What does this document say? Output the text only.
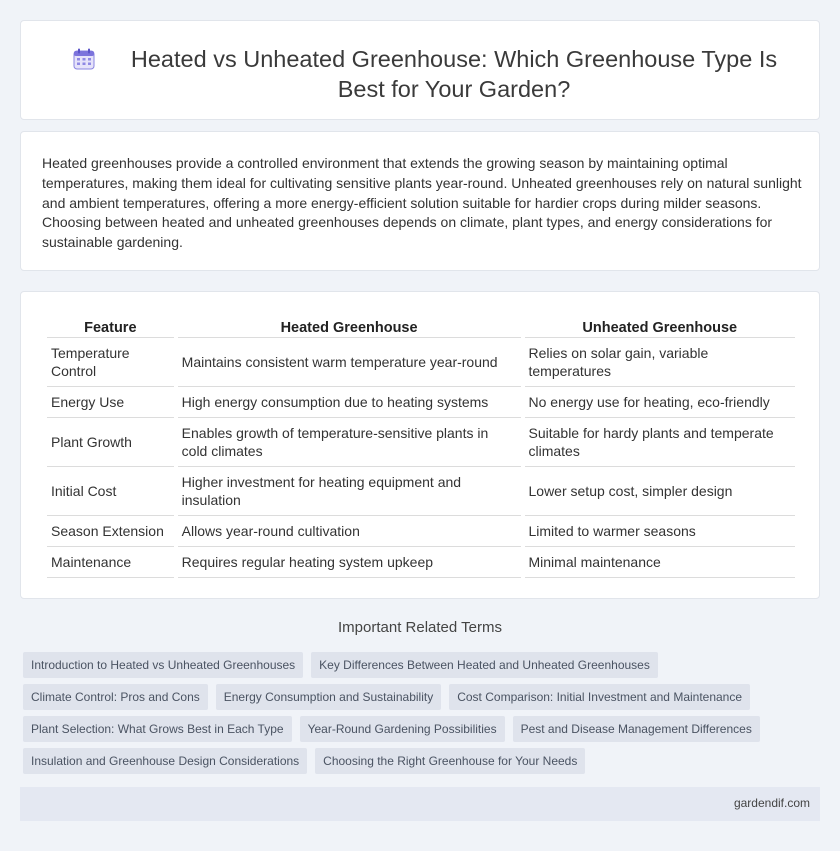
Heated vs Unheated Greenhouse: Which Greenhouse Type Is Best for Your Garden?

Heated greenhouses provide a controlled environment that extends the growing season by maintaining optimal temperatures, making them ideal for cultivating sensitive plants year-round. Unheated greenhouses rely on natural sunlight and ambient temperatures, offering a more energy-efficient solution suitable for hardier crops during milder seasons. Choosing between heated and unheated greenhouses depends on climate, plant types, and energy considerations for sustainable gardening.

Feature	Heated Greenhouse	Unheated Greenhouse
Temperature Control	Maintains consistent warm temperature year-round	Relies on solar gain, variable temperatures
Energy Use	High energy consumption due to heating systems	No energy use for heating, eco-friendly
Plant Growth	Enables growth of temperature-sensitive plants in cold climates	Suitable for hardy plants and temperate climates
Initial Cost	Higher investment for heating equipment and insulation	Lower setup cost, simpler design
Season Extension	Allows year-round cultivation	Limited to warmer seasons
Maintenance	Requires regular heating system upkeep	Minimal maintenance
Important Related Terms
Introduction to Heated vs Unheated Greenhouses	Key Differences Between Heated and Unheated Greenhouses
Climate Control: Pros and Cons	Energy Consumption and Sustainability	Cost Comparison: Initial Investment and Maintenance
Plant Selection: What Grows Best in Each Type	Year-Round Gardening Possibilities	Pest and Disease Management Differences
Insulation and Greenhouse Design Considerations	Choosing the Right Greenhouse for Your Needs
gardendif.com
